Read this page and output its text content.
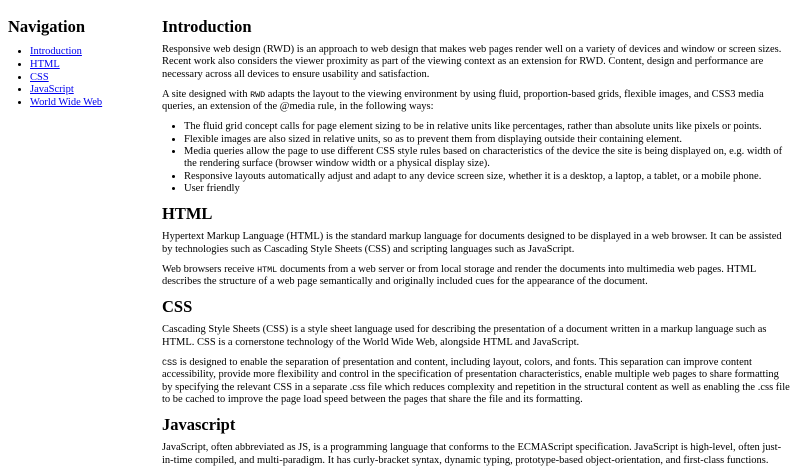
Navigation
• Introduction
• HTML
• CSS
• JavaScript
• World Wide Web
Introduction

Responsive web design (RWD) is an approach to web design that makes web pages render well on a variety of devices and window or screen sizes. Recent work also considers the viewer proximity as part of the viewing context as an extension for RWD. Content, design and performance are necessary across all devices to ensure usability and satisfaction.

A site designed with RWD adapts the layout to the viewing environment by using fluid, proportion-based grids, flexible images, and CSS3 media queries, an extension of the @media rule, in the following ways:

• The fluid grid concept calls for page element sizing to be in relative units like percentages, rather than absolute units like pixels or points.
• Flexible images are also sized in relative units, so as to prevent them from displaying outside their containing element.
• Media queries allow the page to use different CSS style rules based on characteristics of the device the site is being displayed on, e.g. width of the rendering surface (browser window width or a physical display size).
• Responsive layouts automatically adjust and adapt to any device screen size, whether it is a desktop, a laptop, a tablet, or a mobile phone.
• User friendly
HTML

Hypertext Markup Language (HTML) is the standard markup language for documents designed to be displayed in a web browser. It can be assisted by technologies such as Cascading Style Sheets (CSS) and scripting languages such as JavaScript.

Web browsers receive HTML documents from a web server or from local storage and render the documents into multimedia web pages. HTML describes the structure of a web page semantically and originally included cues for the appearance of the document.

CSS

Cascading Style Sheets (CSS) is a style sheet language used for describing the presentation of a document written in a markup language such as HTML. CSS is a cornerstone technology of the World Wide Web, alongside HTML and JavaScript.

CSS is designed to enable the separation of presentation and content, including layout, colors, and fonts. This separation can improve content accessibility, provide more flexibility and control in the specification of presentation characteristics, enable multiple web pages to share formatting by specifying the relevant CSS in a separate .css file which reduces complexity and repetition in the structural content as well as enabling the .css file to be cached to improve the page load speed between the pages that share the file and its formatting.

Javascript

JavaScript, often abbreviated as JS, is a programming language that conforms to the ECMAScript specification. JavaScript is high-level, often just-in-time compiled, and multi-paradigm. It has curly-bracket syntax, dynamic typing, prototype-based object-orientation, and first-class functions.
